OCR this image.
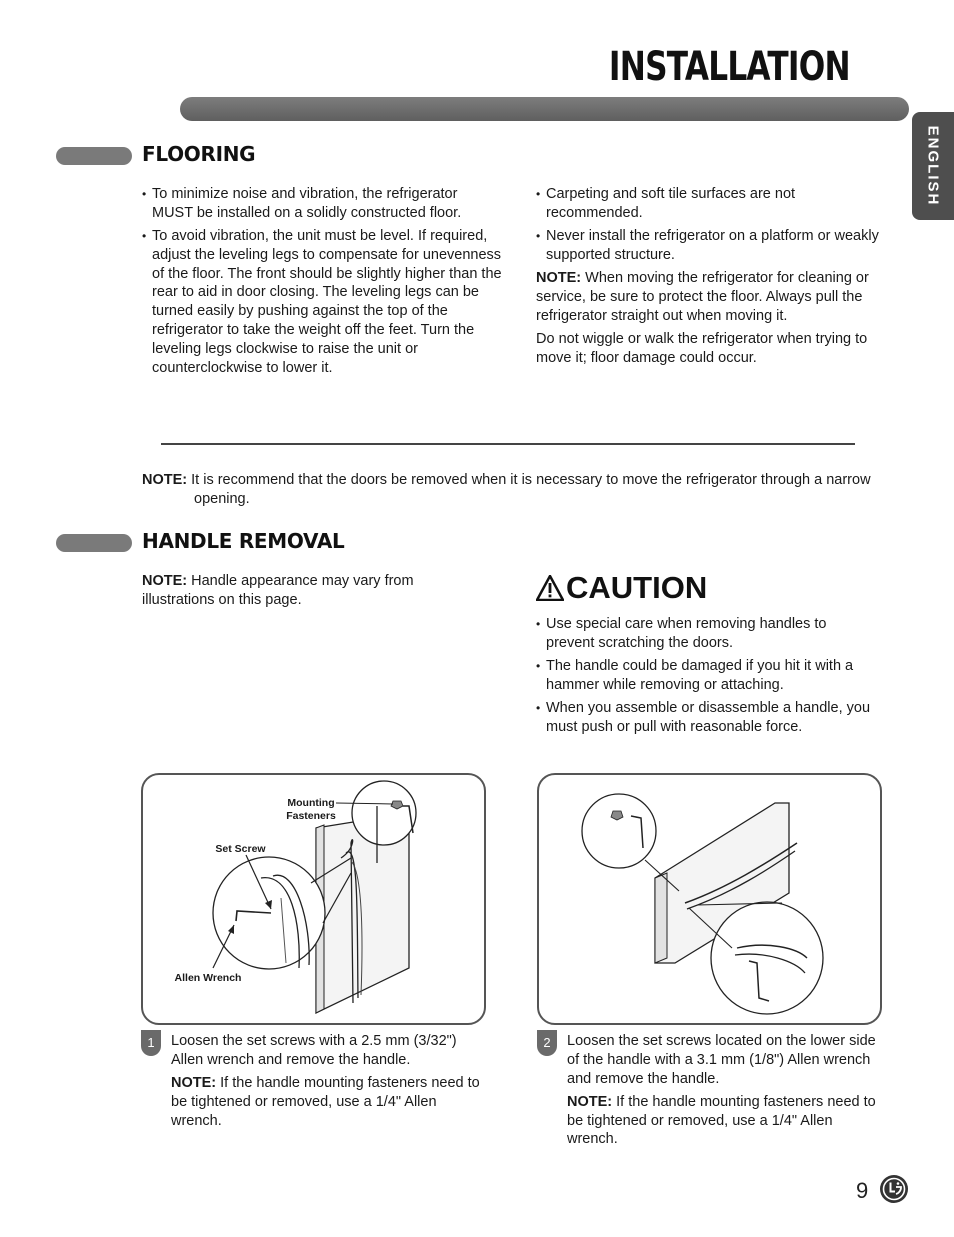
INSTALLATION
ENGLISH
FLOORING
• To minimize noise and vibration, the refrigerator MUST be installed on a solidly constructed floor.
• To avoid vibration, the unit must be level. If required, adjust the leveling legs to compensate for unevenness of the floor. The front should be slightly higher than the rear to aid in door closing. The leveling legs can be turned easily by pushing against the top of the refrigerator to take the weight off the feet. Turn the leveling legs clockwise to raise the unit or counterclockwise to lower it.
• Carpeting and soft tile surfaces are not recommended.
• Never install the refrigerator on a platform or weakly supported structure.

NOTE: When moving the refrigerator for cleaning or service, be sure to protect the floor. Always pull the refrigerator straight out when moving it.

Do not wiggle or walk the refrigerator when trying to move it; floor damage could occur.

NOTE: It is recommend that the doors be removed when it is necessary to move the refrigerator through a narrow opening.
HANDLE REMOVAL
NOTE: Handle appearance may vary from illustrations on this page.	CAUTION
• Use special care when removing handles to prevent scratching the doors.
• The handle could be damaged if you hit it with a hammer while removing or attaching.
• When you assemble or disassemble a handle, you must push or pull with reasonable force.
Mounting Fasteners
Set Screw
Allen Wrench
1	Loosen the set screws with a 2.5 mm (3/32") Allen wrench and remove the handle.

NOTE: If the handle mounting fasteners need to be tightened or removed, use a 1/4" Allen wrench.

2	Loosen the set screws located on the lower side of the handle with a 3.1 mm (1/8") Allen wrench and remove the handle.

NOTE: If the handle mounting fasteners need to be tightened or removed, use a 1/4" Allen wrench.

9
